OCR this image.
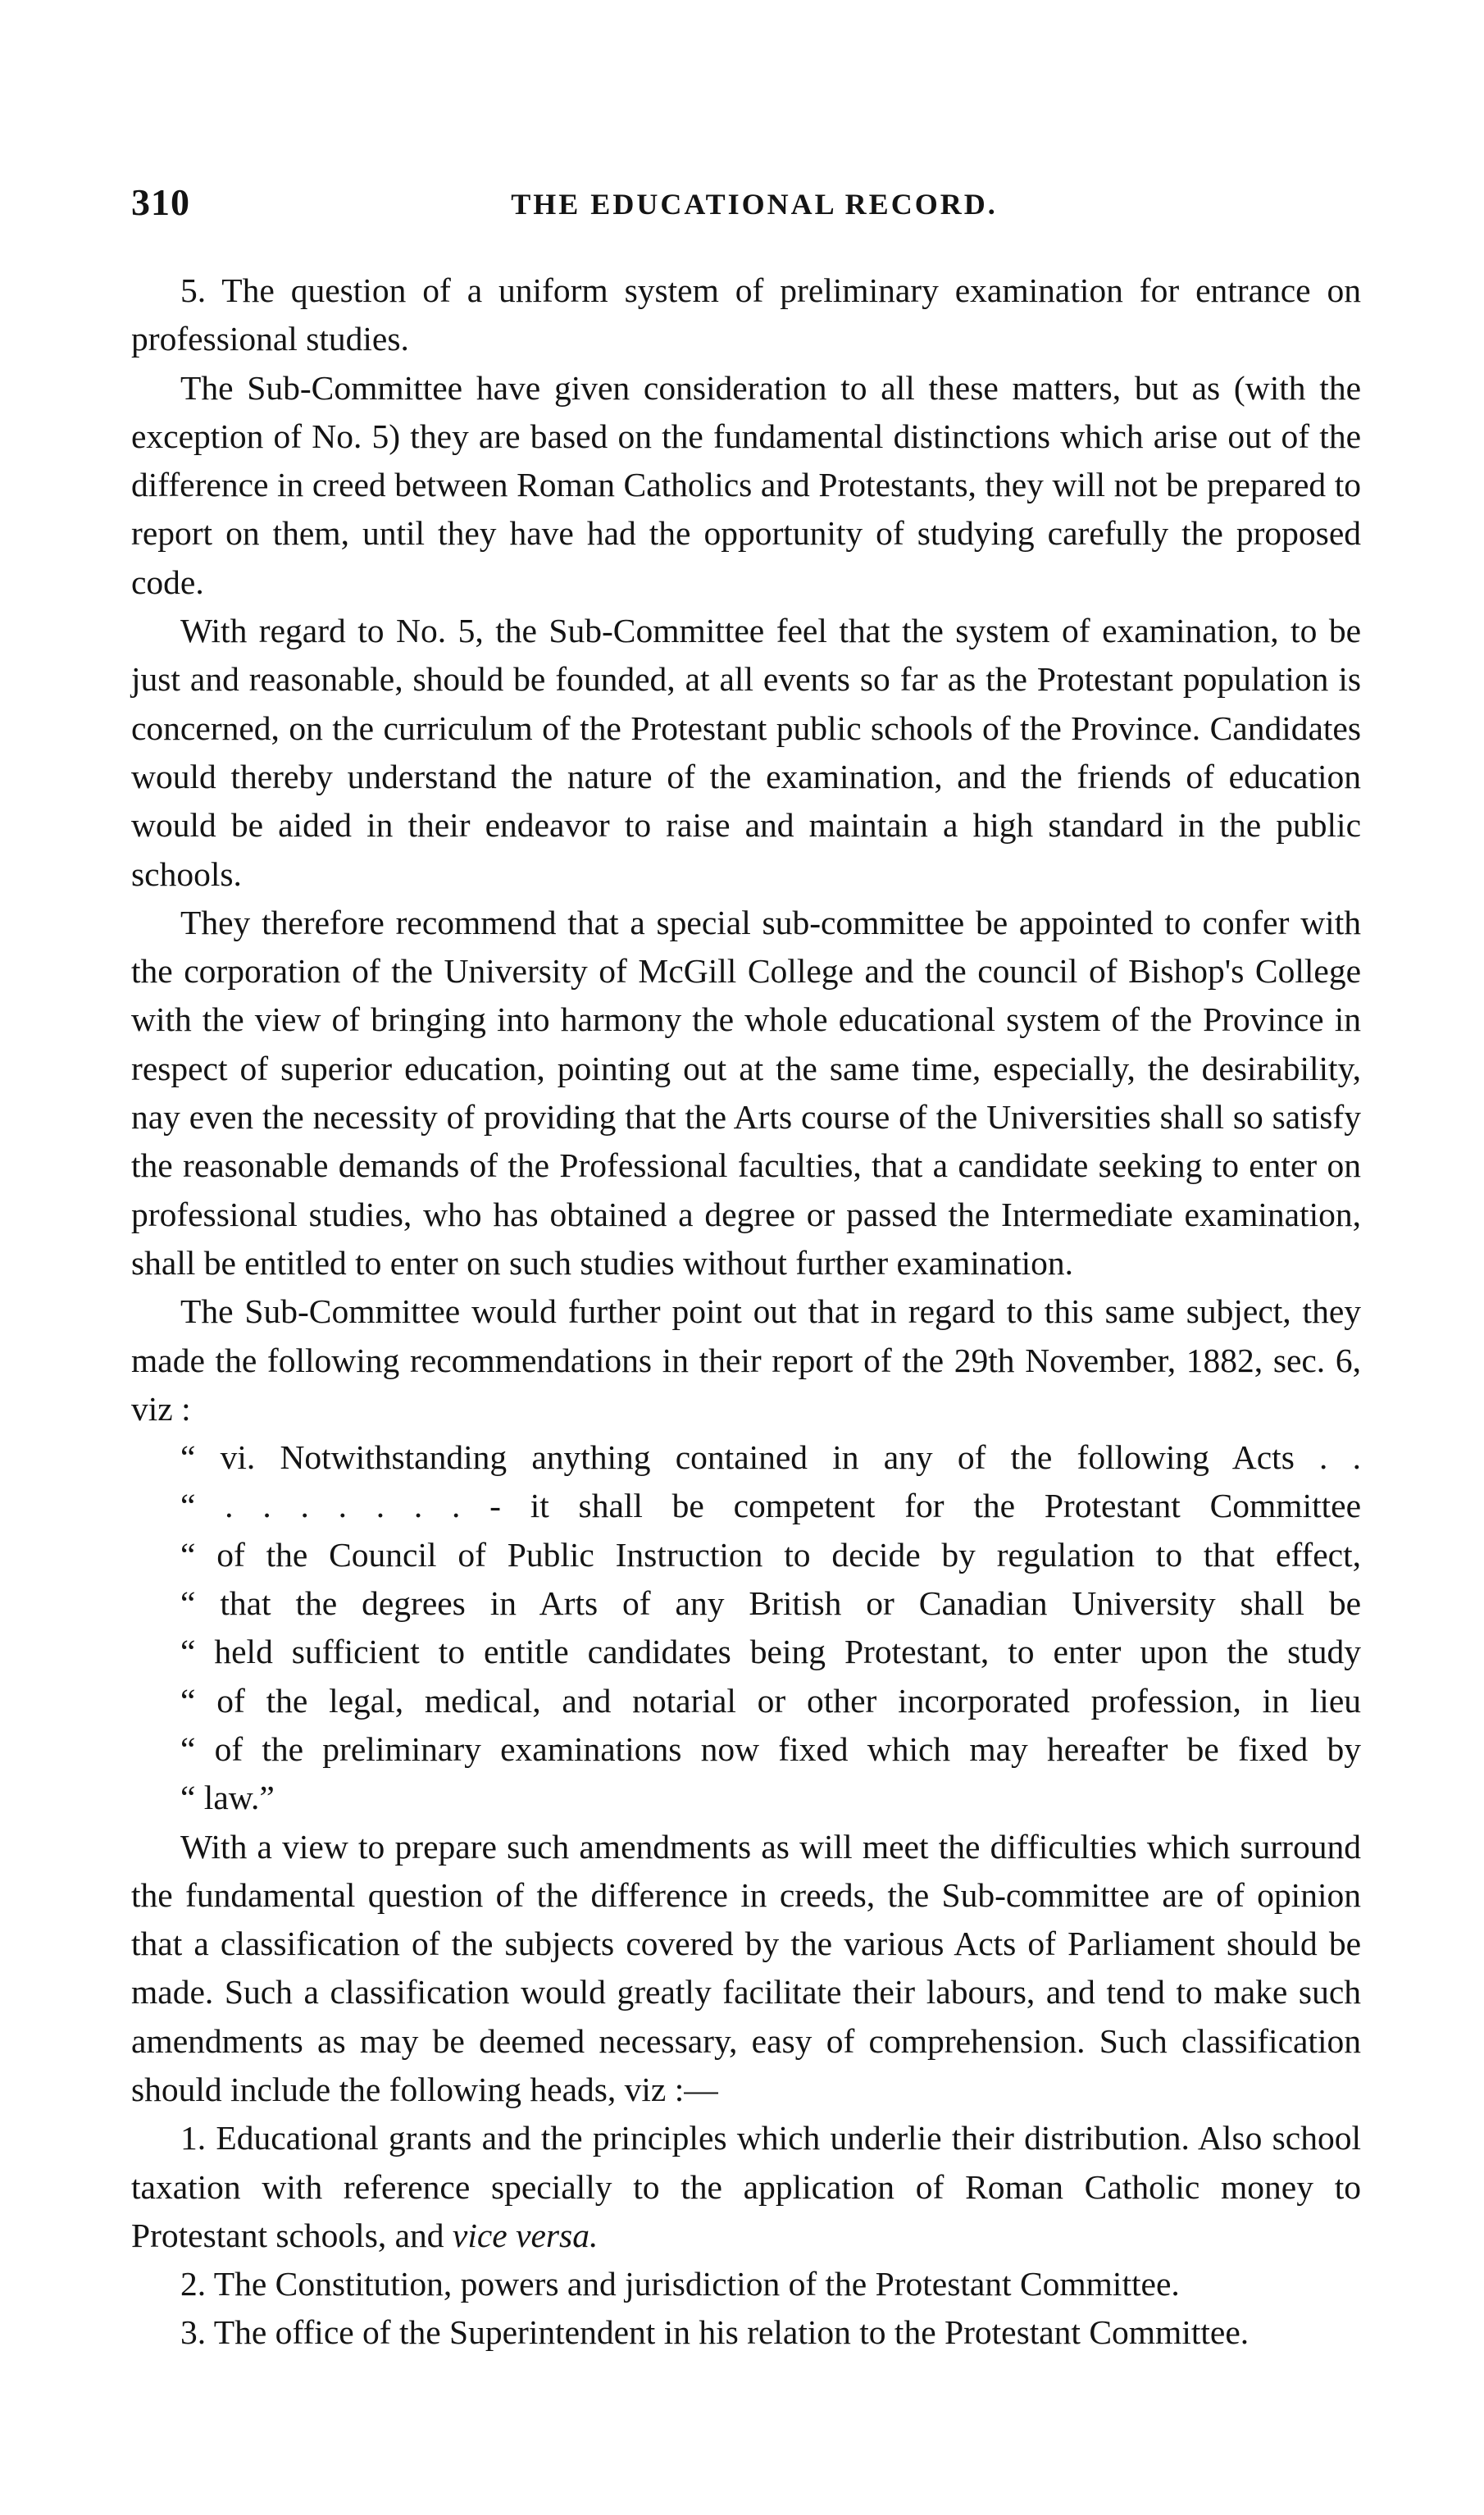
310	THE EDUCATIONAL RECORD.

5. The question of a uniform system of preliminary examination for entrance on professional studies.

The Sub-Committee have given consideration to all these matters, but as (with the exception of No. 5) they are based on the fundamental distinctions which arise out of the difference in creed between Roman Catholics and Protestants, they will not be prepared to report on them, until they have had the opportunity of studying carefully the proposed code.

With regard to No. 5, the Sub-Committee feel that the system of examination, to be just and reasonable, should be founded, at all events so far as the Protestant population is concerned, on the curriculum of the Protestant public schools of the Province. Candidates would thereby understand the nature of the examination, and the friends of education would be aided in their endeavor to raise and maintain a high standard in the public schools.

They therefore recommend that a special sub-committee be appointed to confer with the corporation of the University of McGill College and the council of Bishop's College with the view of bringing into harmony the whole educational system of the Province in respect of superior education, pointing out at the same time, especially, the desirability, nay even the necessity of providing that the Arts course of the Universities shall so satisfy the reasonable demands of the Professional faculties, that a candidate seeking to enter on professional studies, who has obtained a degree or passed the Intermediate examination, shall be entitled to enter on such studies without further examination.

The Sub-Committee would further point out that in regard to this same subject, they made the following recommendations in their report of the 29th November, 1882, sec. 6, viz :

“ vi. Notwithstanding anything contained in any of the following Acts . .
“ . . . . . . . - it shall be competent for the Protestant Committee
“ of the Council of Public Instruction to decide by regulation to that effect,
“ that the degrees in Arts of any British or Canadian University shall be
“ held sufficient to entitle candidates being Protestant, to enter upon the study
“ of the legal, medical, and notarial or other incorporated profession, in lieu
“ of the preliminary examinations now fixed which may hereafter be fixed by
“ law.”

With a view to prepare such amendments as will meet the difficulties which surround the fundamental question of the difference in creeds, the Sub-committee are of opinion that a classification of the subjects covered by the various Acts of Parliament should be made. Such a classification would greatly facilitate their labours, and tend to make such amendments as may be deemed necessary, easy of comprehension. Such classification should include the following heads, viz :—

1. Educational grants and the principles which underlie their distribution. Also school taxation with reference specially to the application of Roman Catholic money to Protestant schools, and vice versa.

2. The Constitution, powers and jurisdiction of the Protestant Committee.

3. The office of the Superintendent in his relation to the Protestant Committee.
